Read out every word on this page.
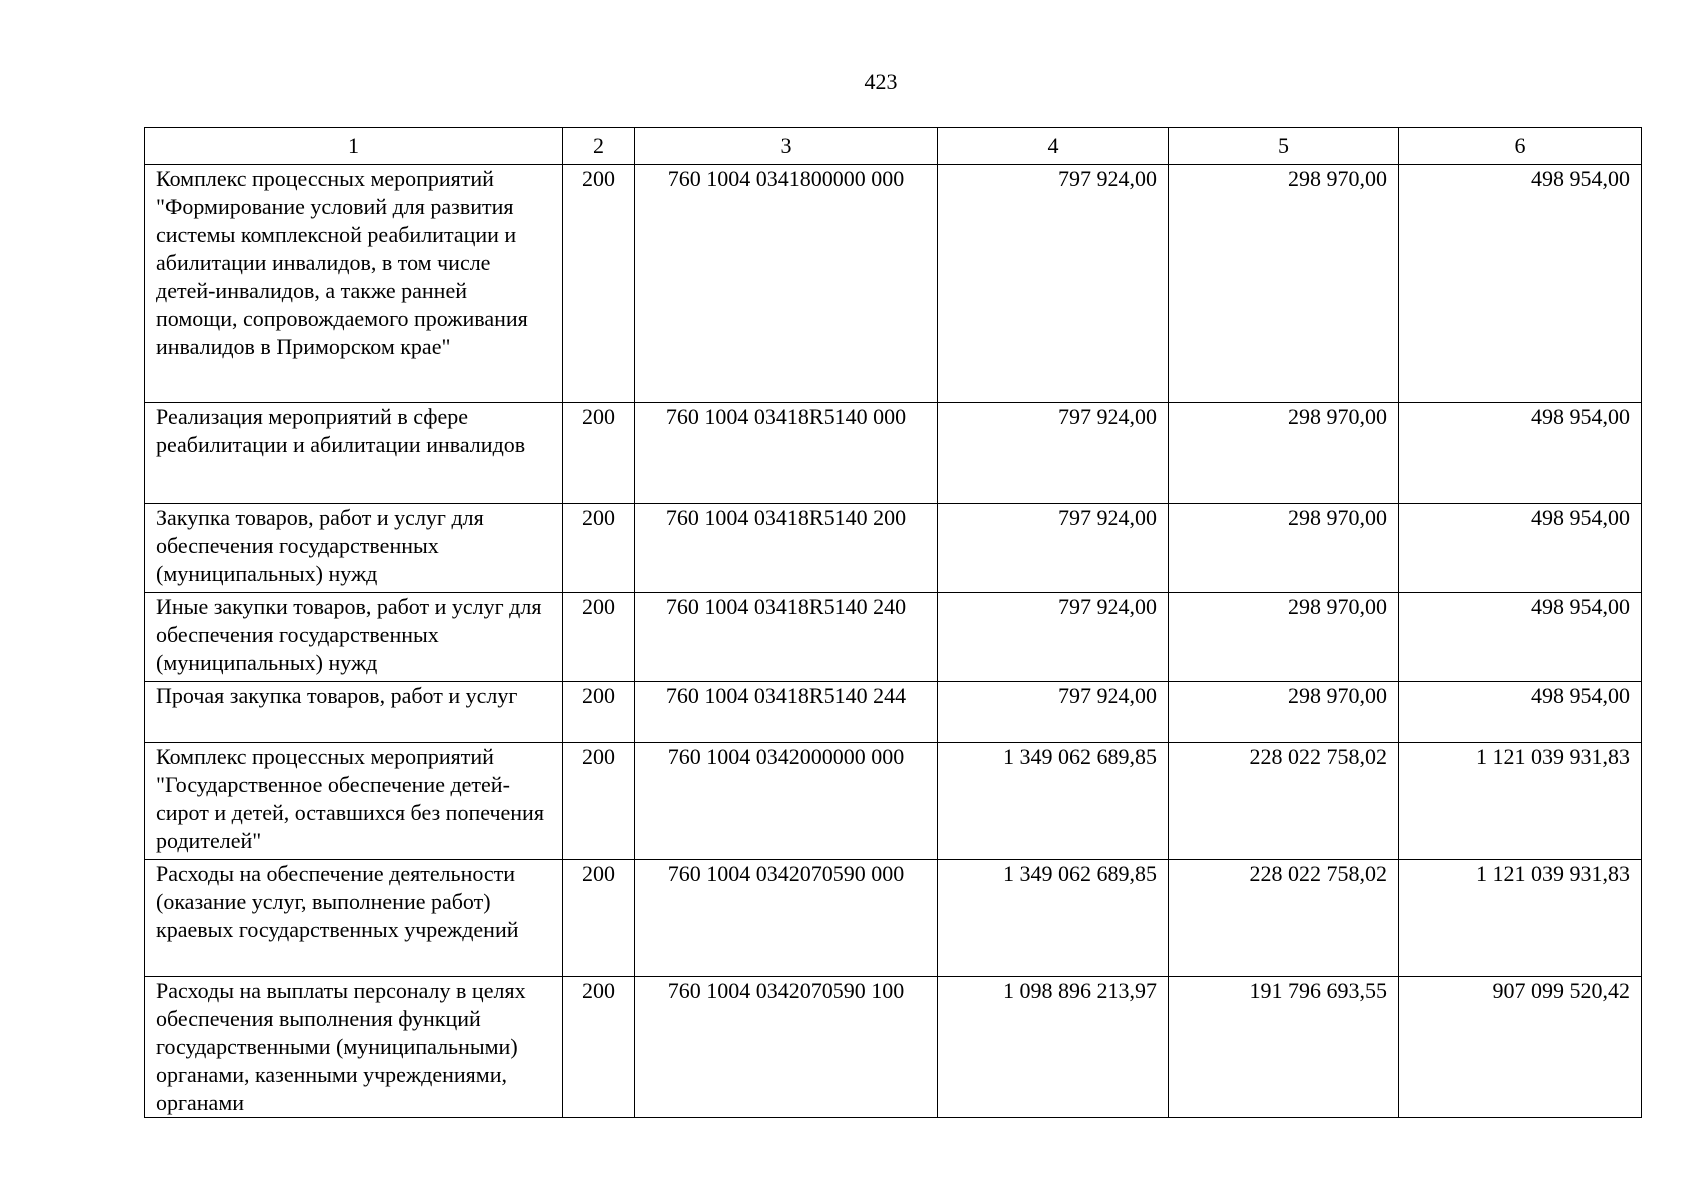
423
1	2	3	4	5	6
Комплекс процессных мероприятий "Формирование условий для развития системы комплексной реабилитации и абилитации инвалидов, в том числе детей-инвалидов, а также ранней помощи, сопровождаемого проживания инвалидов в Приморском крае"	200	760 1004 0341800000 000	797 924,00	298 970,00	498 954,00
Реализация мероприятий в сфере реабилитации и абилитации инвалидов	200	760 1004 03418R5140 000	797 924,00	298 970,00	498 954,00
Закупка товаров, работ и услуг для обеспечения государственных (муниципальных) нужд	200	760 1004 03418R5140 200	797 924,00	298 970,00	498 954,00
Иные закупки товаров, работ и услуг для обеспечения государственных (муниципальных) нужд	200	760 1004 03418R5140 240	797 924,00	298 970,00	498 954,00
Прочая закупка товаров, работ и услуг	200	760 1004 03418R5140 244	797 924,00	298 970,00	498 954,00
Комплекс процессных мероприятий "Государственное обеспечение детей-сирот и детей, оставшихся без попечения родителей"	200	760 1004 0342000000 000	1 349 062 689,85	228 022 758,02	1 121 039 931,83
Расходы на обеспечение деятельности (оказание услуг, выполнение работ) краевых государственных учреждений	200	760 1004 0342070590 000	1 349 062 689,85	228 022 758,02	1 121 039 931,83
Расходы на выплаты персоналу в целях обеспечения выполнения функций государственными (муниципальными) органами, казенными учреждениями, органами	200	760 1004 0342070590 100	1 098 896 213,97	191 796 693,55	907 099 520,42
